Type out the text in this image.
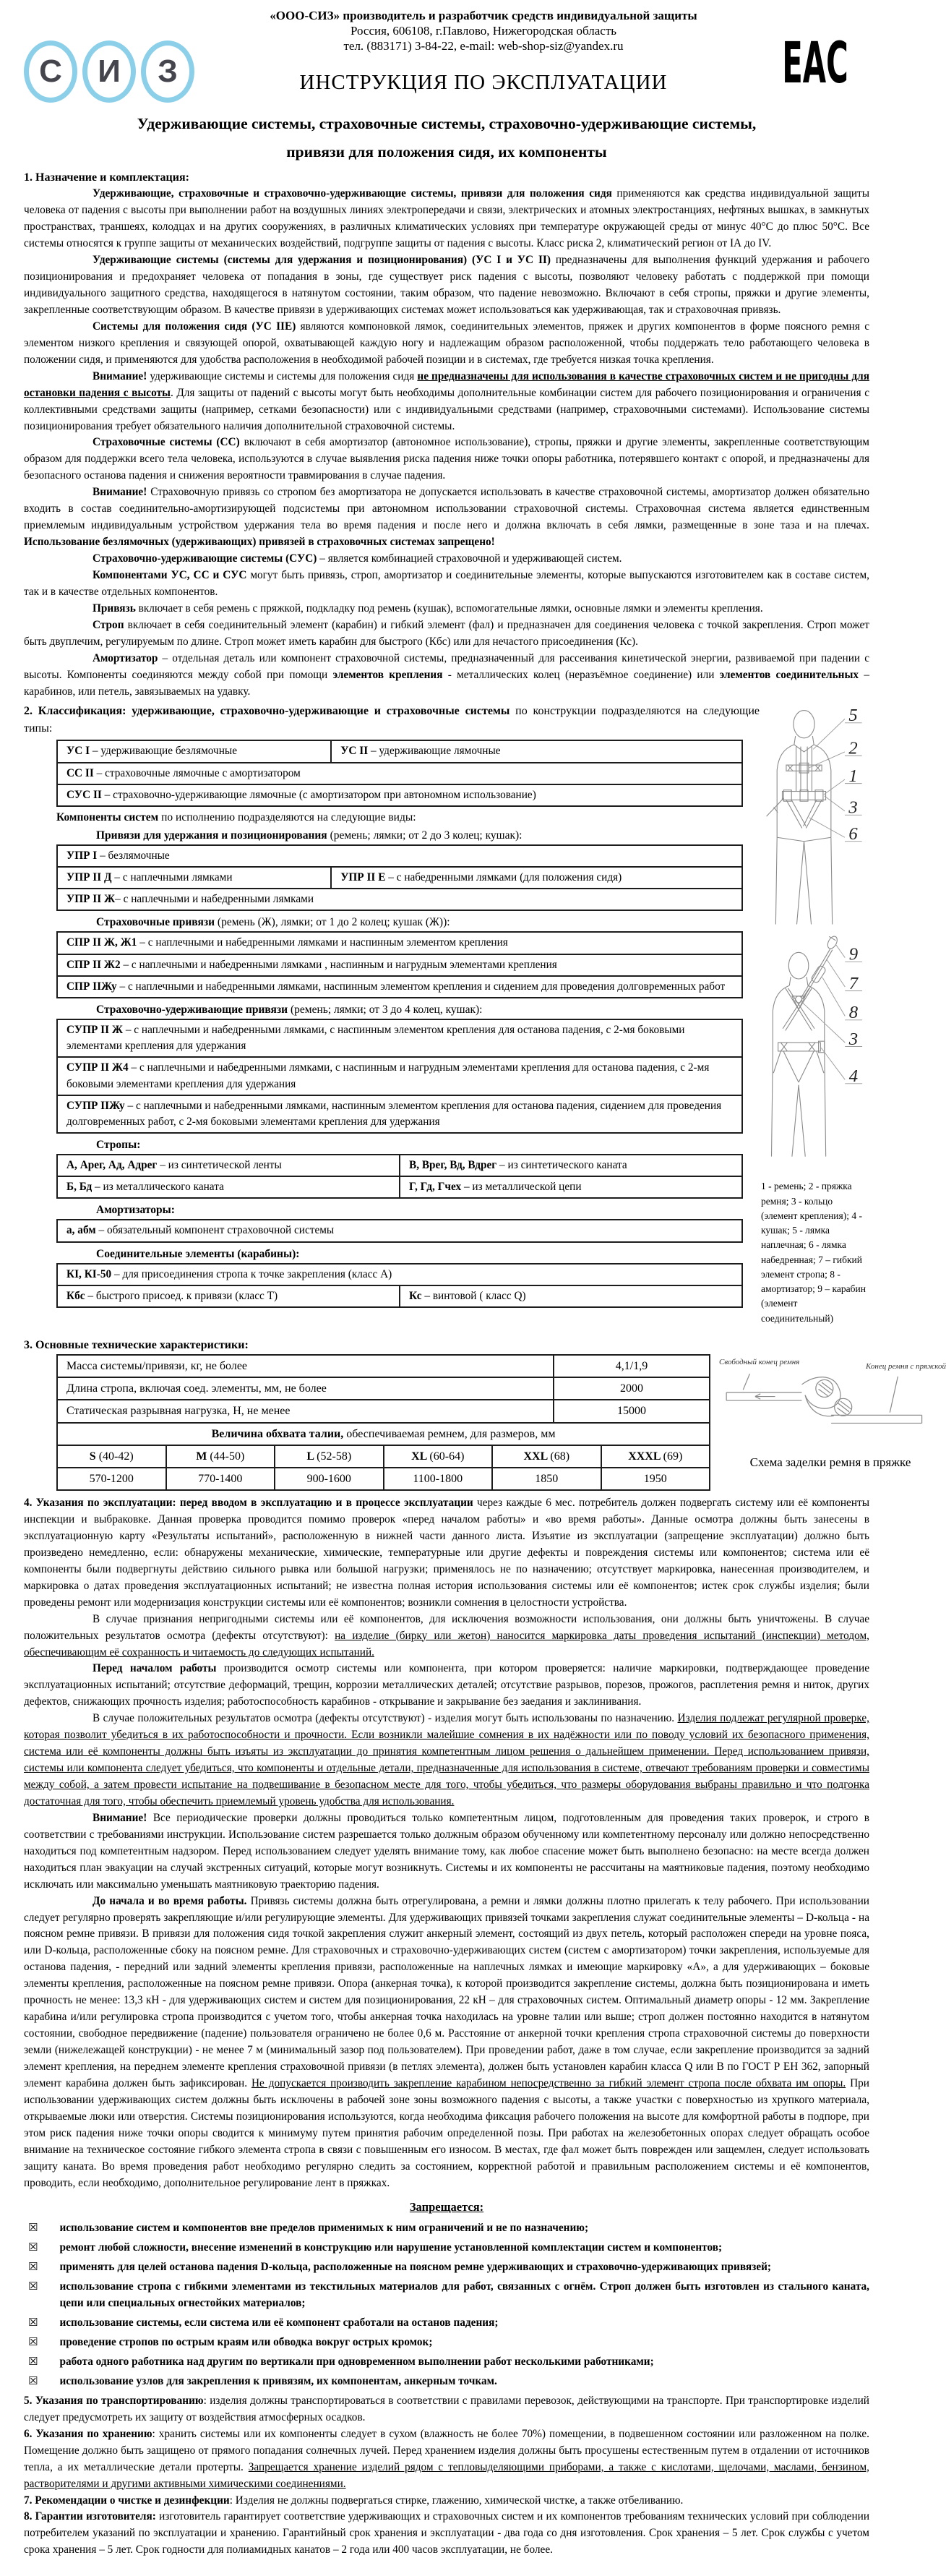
С	И	З
«ООО-СИЗ» производитель и разработчик средств индивидуальной защиты
Россия, 606108, г.Павлово, Нижегородская область
тел. (883171) 3-84-22, e-mail: web-shop-siz@yandex.ru
ИНСТРУКЦИЯ ПО ЭКСПЛУАТАЦИИ	EAC
Удерживающие системы, страховочные системы, страховочно-удерживающие системы,
привязи для положения сидя, их компоненты
1. Назначение и комплектация:

Удерживающие, страховочные и страховочно-удерживающие системы, привязи для положения сидя применяются как средства индивидуальной защиты человека от падения с высоты при выполнении работ на воздушных линиях электропередачи и связи, электрических и атомных электростанциях, нефтяных вышках, в замкнутых пространствах, траншеях, колодцах и на других сооружениях, в различных климатических условиях при температуре окружающей среды от минус 40°С до плюс 50°С. Все системы относятся к группе защиты от механических воздействий, подгруппе защиты от падения с высоты. Класс риска 2, климатический регион от IА до IV.

Удерживающие системы (системы для удержания и позиционирования) (УС I и УС II) предназначены для выполнения функций удержания и рабочего позиционирования и предохраняет человека от попадания в зоны, где существует риск падения с высоты, позволяют человеку работать с поддержкой при помощи индивидуального защитного средства, находящегося в натянутом состоянии, таким образом, что падение невозможно. Включают в себя стропы, пряжки и другие элементы, закрепленные соответствующим образом. В качестве привязи в удерживающих системах может использоваться как удерживающая, так и страховочная привязь.

Системы для положения сидя (УС IIЕ) являются компоновкой лямок, соединительных элементов, пряжек и других компонентов в форме поясного ремня с элементом низкого крепления и связующей опорой, охватывающей каждую ногу и надлежащим образом расположенной, чтобы поддержать тело работающего человека в положении сидя, и применяются для удобства расположения в необходимой рабочей позиции и в системах, где требуется низкая точка крепления.

Внимание! удерживающие системы и системы для положения сидя не предназначены для использования в качестве страховочных систем и не пригодны для остановки падения с высоты. Для защиты от падений с высоты могут быть необходимы дополнительные комбинации систем для рабочего позиционирования и ограничения с коллективными средствами защиты (например, сетками безопасности) или с индивидуальными средствами (например, страховочными системами). Использование системы позиционирования требует обязательного наличия дополнительной страховочной системы.

Страховочные системы (СС) включают в себя амортизатор (автономное использование), стропы, пряжки и другие элементы, закрепленные соответствующим образом для поддержки всего тела человека, используются в случае выявления риска падения ниже точки опоры работника, потерявшего контакт с опорой, и предназначены для безопасного останова падения и снижения вероятности травмирования в случае падения.

Внимание! Страховочную привязь со стропом без амортизатора не допускается использовать в качестве страховочной системы, амортизатор должен обязательно входить в состав соединительно-амортизирующей подсистемы при автономном использовании страховочной системы. Страховочная система является единственным приемлемым индивидуальным устройством удержания тела во время падения и после него и должна включать в себя лямки, размещенные в зоне таза и на плечах. Использование безлямочных (удерживающих) привязей в страховочных системах запрещено!

Страховочно-удерживающие системы (СУС) – является комбинацией страховочной и удерживающей систем.

Компонентами УС, СС и СУС могут быть привязь, строп, амортизатор и соединительные элементы, которые выпускаются изготовителем как в составе систем, так и в качестве отдельных компонентов.

Привязь включает в себя ремень с пряжкой, подкладку под ремень (кушак), вспомогательные лямки, основные лямки и элементы крепления.

Строп включает в себя соединительный элемент (карабин) и гибкий элемент (фал) и предназначен для соединения человека с точкой закрепления. Строп может быть двуплечим, регулируемым по длине. Строп может иметь карабин для быстрого (Кбс) или для нечастого присоединения (Кс).

Амортизатор – отдельная деталь или компонент страховочной системы, предназначенный для рассеивания кинетической энергии, развиваемой при падении с высоты. Компоненты соединяются между собой при помощи элементов крепления - металлических колец (неразъёмное соединение) или элементов соединительных – карабинов, или петель, завязываемых на удавку.

2. Классификация: удерживающие, страховочно-удерживающие и страховочные системы по конструкции подразделяются на следующие типы:

УС I – удерживающие безлямочные	УС II – удерживающие лямочные
СС II – страховочные лямочные с амортизатором
СУС II – страховочно-удерживающие лямочные (с амортизатором при автономном использование)

Компоненты систем по исполнению подразделяются на следующие виды:

Привязи для удержания и позиционирования (ремень; лямки; от 2 до 3 колец; кушак):

УПР I – безлямочные
УПР II Д – с наплечными лямками	УПР II Е – с набедренными лямками (для положения сидя)
УПР II Ж– с наплечными и набедренными лямками

Страховочные привязи (ремень (Ж), лямки; от 1 до 2 колец; кушак (Ж)):

СПР II Ж, Ж1 – с наплечными и набедренными лямками и наспинным элементом крепления
СПР II Ж2 – с наплечными и набедренными лямками , наспинным и нагрудным элементами крепления
СПР IIЖу – с наплечными и набедренными лямками, наспинным элементом крепления и сидением для проведения долговременных работ

Страховочно-удерживающие привязи (ремень; лямки; от 3 до 4 колец, кушак):

СУПР II Ж – с наплечными и набедренными лямками, с наспинным элементом крепления для останова падения, с 2-мя боковыми элементами крепления для удержания
СУПР II Ж4 – с наплечными и набедренными лямками, с наспинным и нагрудным элементами крепления для останова падения, с 2-мя боковыми элементами крепления для удержания
СУПР IIЖу – с наплечными и набедренными лямками, наспинным элементом крепления для останова падения, сидением для проведения долговременных работ, с 2-мя боковыми элементами крепления для удержания

Стропы:

А, Арег, Ад, Адрег – из синтетической ленты	В, Врег, Вд, Вдрег – из синтетического каната
Б, Бд – из металлического каната	Г, Гд, Гчех – из металлической цепи

Амортизаторы:

а, абм – обязательный компонент страховочной системы

Соединительные элементы (карабины):

КI, КI-50 – для присоединения стропа к точке закрепления (класс А)
Кбс – быстрого присоед. к привязи (класс Т)	Кс – винтовой ( класс Q)
5
2
1
3
6

9
7
8
3
4
1 - ремень; 2 - пряжка ремня; 3 - кольцо (элемент крепления); 4 - кушак; 5 - лямка наплечная; 6 - лямка набедренная; 7 – гибкий элемент стропа; 8 - амортизатор; 9 – карабин (элемент соединительный)
3. Основные технические характеристики:
Масса системы/привязи, кг, не более	4,1/1,9
Длина стропа, включая соед. элементы, мм, не более	2000
Статическая разрывная нагрузка, Н, не менее	15000
Величина обхвата талии, обеспечиваемая ремнем, для размеров, мм					
S (40-42)	M (44-50)	L (52-58)	XL (60-64)	XXL (68)	XXXL (69)
570-1200	770-1400	900-1600	1100-1800	1850	1950
Свободный конец ремня	Конец ремня с пряжкой
Схема заделки ремня в пряжке

4. Указания по эксплуатации: перед вводом в эксплуатацию и в процессе эксплуатации через каждые 6 мес. потребитель должен подвергать систему или её компоненты инспекции и выбраковке. Данная проверка проводится помимо проверок «перед началом работы» и «во время работы». Данные осмотра должны быть занесены в эксплуатационную карту «Результаты испытаний», расположенную в нижней части данного листа. Изъятие из эксплуатации (запрещение эксплуатации) должно быть произведено немедленно, если: обнаружены механические, химические, температурные или другие дефекты и повреждения системы или компонентов; система или её компоненты были подвергнуты действию сильного рывка или большой нагрузки; применялось не по назначению; отсутствует маркировка, нанесенная производителем, и маркировка о датах проведения эксплуатационных испытаний; не известна полная история использования системы или её компонентов; истек срок службы изделия; были проведены ремонт или модернизация конструкции системы или её компонентов; возникли сомнения в целостности устройства.

В случае признания непригодными системы или её компонентов, для исключения возможности использования, они должны быть уничтожены. В случае положительных результатов осмотра (дефекты отсутствуют): на изделие (бирку или жетон) наносится маркировка даты проведения испытаний (инспекции) методом, обеспечивающим её сохранность и читаемость до следующих испытаний.

Перед началом работы производится осмотр системы или компонента, при котором проверяется: наличие маркировки, подтверждающее проведение эксплуатационных испытаний; отсутствие деформаций, трещин, коррозии металлических деталей; отсутствие разрывов, порезов, прожогов, расплетения ремня и ниток, других дефектов, снижающих прочность изделия; работоспособность карабинов - открывание и закрывание без заедания и заклинивания.

В случае положительных результатов осмотра (дефекты отсутствуют) - изделия могут быть использованы по назначению. Изделия подлежат регулярной проверке, которая позволит убедиться в их работоспособности и прочности. Если возникли малейшие сомнения в их надёжности или по поводу условий их безопасного применения, система или её компоненты должны быть изъяты из эксплуатации до принятия компетентным лицом решения о дальнейшем применении. Перед использованием привязи, системы или компонента следует убедиться, что компоненты и отдельные детали, предназначенные для использования в системе, отвечают требованиям проверки и совместимы между собой, а затем провести испытание на подвешивание в безопасном месте для того, чтобы убедиться, что размеры оборудования выбраны правильно и что подгонка достаточная для того, чтобы обеспечить приемлемый уровень удобства для использования.

Внимание! Все периодические проверки должны проводиться только компетентным лицом, подготовленным для проведения таких проверок, и строго в соответствии с требованиями инструкции. Использование систем разрешается только должным образом обученному или компетентному персоналу или должно непосредственно находиться под компетентным надзором. Перед использованием следует уделять внимание тому, как любое спасение может быть выполнено безопасно: на месте всегда должен находиться план эвакуации на случай экстренных ситуаций, которые могут возникнуть. Системы и их компоненты не рассчитаны на маятниковые падения, поэтому необходимо исключать или максимально уменьшать маятниковую траекторию падения.

До начала и во время работы. Привязь системы должна быть отрегулирована, а ремни и лямки должны плотно прилегать к телу рабочего. При использовании следует регулярно проверять закрепляющие и/или регулирующие элементы. Для удерживающих привязей точками закрепления служат соединительные элементы – D-кольца - на поясном ремне привязи. В привязи для положения сидя точкой закрепления служит анкерный элемент, состоящий из двух петель, который расположен спереди на уровне пояса, или D-кольца, расположенные сбоку на поясном ремне. Для страховочных и страховочно-удерживающих систем (систем с амортизатором) точки закрепления, используемые для останова падения, - передний или задний элементы крепления привязи, расположенные на наплечных лямках и имеющие маркировку «А», а для удерживающих – боковые элементы крепления, расположенные на поясном ремне привязи. Опора (анкерная точка), к которой производится закрепление системы, должна быть позиционирована и иметь прочность не менее: 13,3 кН - для удерживающих систем и систем для позиционирования, 22 кН – для страховочных систем. Оптимальный диаметр опоры - 12 мм. Закрепление карабина и/или регулировка стропа производится с учетом того, чтобы анкерная точка находилась на уровне талии или выше; строп должен постоянно находится в натянутом состоянии, свободное передвижение (падение) пользователя ограничено не более 0,6 м. Расстояние от анкерной точки крепления стропа страховочной системы до поверхности земли (нижележащей конструкции) - не менее 7 м (минимальный зазор под пользователем). При проведении работ, даже в том случае, если закрепление производится за задний элемент крепления, на переднем элементе крепления страховочной привязи (в петлях элемента), должен быть установлен карабин класса Q или В по ГОСТ Р ЕН 362, запорный элемент карабина должен быть зафиксирован. Не допускается производить закрепление карабином непосредственно за гибкий элемент стропа после обхвата им опоры. При использовании удерживающих систем должны быть исключены в рабочей зоне зоны возможного падения с высоты, а также участки с поверхностью из хрупкого материала, открываемые люки или отверстия. Системы позиционирования используются, когда необходима фиксация рабочего положения на высоте для комфортной работы в подпоре, при этом риск падения ниже точки опоры сводится к минимуму путем принятия рабочим определенной позы. При работах на железобетонных опорах следует обращать особое внимание на техническое состояние гибкого элемента стропа в связи с повышенным его износом. В местах, где фал может быть поврежден или защемлен, следует использовать защиту каната. Во время проведения работ необходимо регулярно следить за состоянием, корректной работой и правильным расположением системы и её компонентов, проводить, если необходимо, дополнительное регулирование лент в пряжках.

Запрещается:
☒ использование систем и компонентов вне пределов применимых к ним ограничений и не по назначению;
☒ ремонт любой сложности, внесение изменений в конструкцию или нарушение установленной комплектации систем и компонентов;
☒ применять для целей останова падения D-кольца, расположенные на поясном ремне удерживающих и страховочно-удерживающих привязей;
☒ использование стропа с гибкими элементами из текстильных материалов для работ, связанных с огнём. Строп должен быть изготовлен из стального каната, цепи или специальных огнестойких материалов;
☒ использование системы, если система или её компонент сработали на останов падения;
☒ проведение стропов по острым краям или обводка вокруг острых кромок;
☒ работа одного работника над другим по вертикали при одновременном выполнении работ несколькими работниками;
☒ использование узлов для закрепления к привязям, их компонентам, анкерным точкам.

5. Указания по транспортированию: изделия должны транспортироваться в соответствии с правилами перевозок, действующими на транспорте. При транспортировке изделий следует предусмотреть их защиту от воздействия атмосферных осадков.

6. Указания по хранению: хранить системы или их компоненты следует в сухом (влажность не более 70%) помещении, в подвешенном состоянии или разложенном на полке. Помещение должно быть защищено от прямого попадания солнечных лучей. Перед хранением изделия должны быть просушены естественным путем в отдалении от источников тепла, а их металлические детали протерты. Запрещается хранение изделий рядом с тепловыделяющими приборами, а также с кислотами, щелочами, маслами, бензином, растворителями и другими активными химическими соединениями.

7. Рекомендации о чистке и дезинфекции: Изделия не должны подвергаться стирке, глажению, химической чистке, а также отбеливанию.

8. Гарантии изготовителя: изготовитель гарантирует соответствие удерживающих и страховочных систем и их компонентов требованиям технических условий при соблюдении потребителем указаний по эксплуатации и хранению. Гарантийный срок хранения и эксплуатации - два года со дня изготовления. Срок хранения – 5 лет. Срок службы с учетом срока хранения – 5 лет. Срок годности для полиамидных канатов – 2 года или 400 часов эксплуатации, не более.
